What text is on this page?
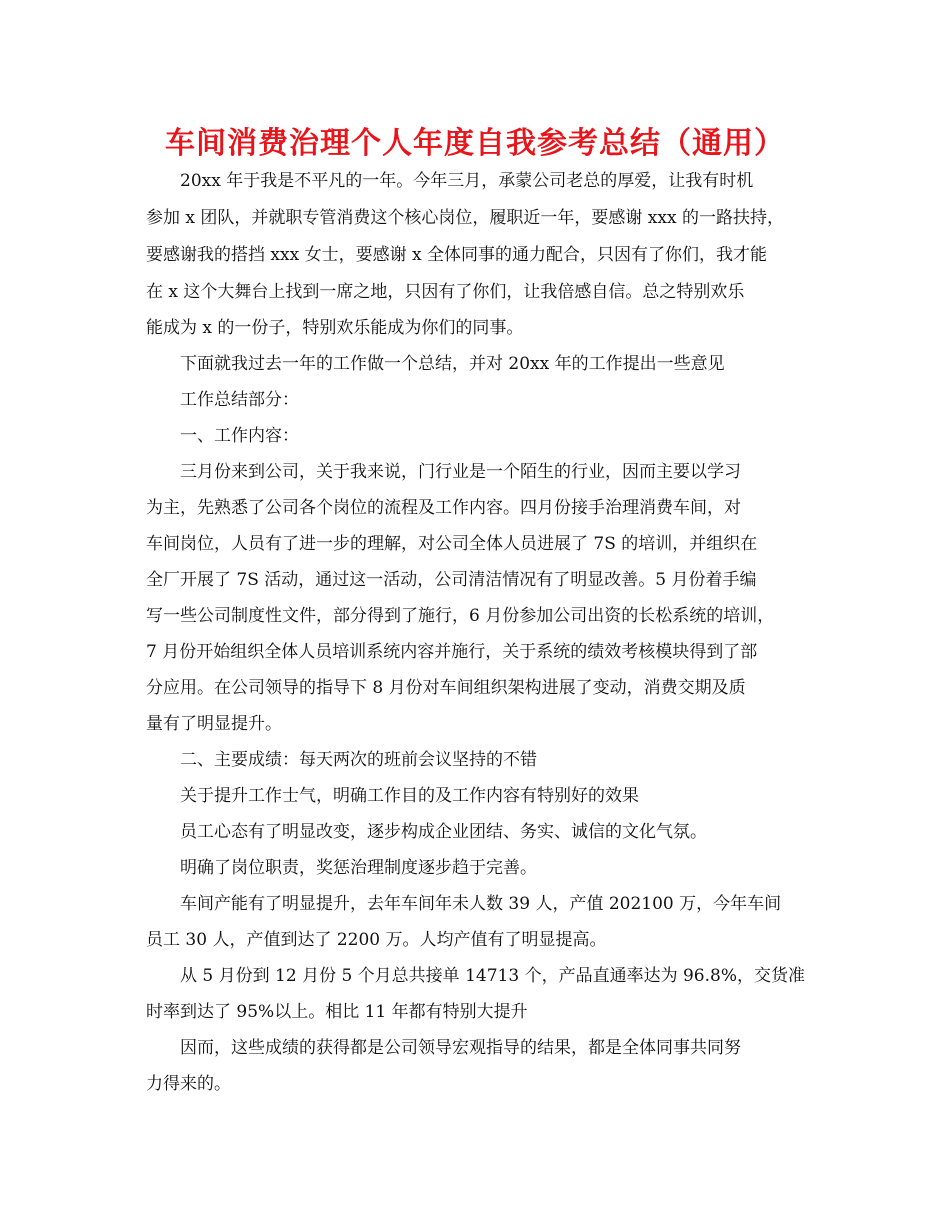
车间消费治理个人年度自我参考总结（通用）
20xx 年于我是不平凡的一年。今年三月，承蒙公司老总的厚爱，让我有时机
参加 x 团队，并就职专管消费这个核心岗位，履职近一年，要感谢 xxx 的一路扶持，
要感谢我的搭挡 xxx 女士，要感谢 x 全体同事的通力配合，只因有了你们，我才能
在 x 这个大舞台上找到一席之地，只因有了你们，让我倍感自信。总之特别欢乐
能成为 x 的一份子，特别欢乐能成为你们的同事。
下面就我过去一年的工作做一个总结，并对 20xx 年的工作提出一些意见
工作总结部分：
一、工作内容：
三月份来到公司，关于我来说，门行业是一个陌生的行业，因而主要以学习
为主，先熟悉了公司各个岗位的流程及工作内容。四月份接手治理消费车间，对
车间岗位，人员有了进一步的理解，对公司全体人员进展了 7S 的培训，并组织在
全厂开展了 7S 活动，通过这一活动，公司清洁情况有了明显改善。5 月份着手编
写一些公司制度性文件，部分得到了施行，6 月份参加公司出资的长松系统的培训，
7 月份开始组织全体人员培训系统内容并施行，关于系统的绩效考核模块得到了部
分应用。在公司领导的指导下 8 月份对车间组织架构进展了变动，消费交期及质
量有了明显提升。
二、主要成绩：每天两次的班前会议坚持的不错
关于提升工作士气，明确工作目的及工作内容有特别好的效果
员工心态有了明显改变，逐步构成企业团结、务实、诚信的文化气氛。
明确了岗位职责，奖惩治理制度逐步趋于完善。
车间产能有了明显提升，去年车间年未人数 39 人，产值 202100 万，今年车间
员工 30 人，产值到达了 2200 万。人均产值有了明显提高。
从 5 月份到 12 月份 5 个月总共接单 14713 个，产品直通率达为 96.8%，交货准
时率到达了 95%以上。相比 11 年都有特别大提升
因而，这些成绩的获得都是公司领导宏观指导的结果，都是全体同事共同努
力得来的。
